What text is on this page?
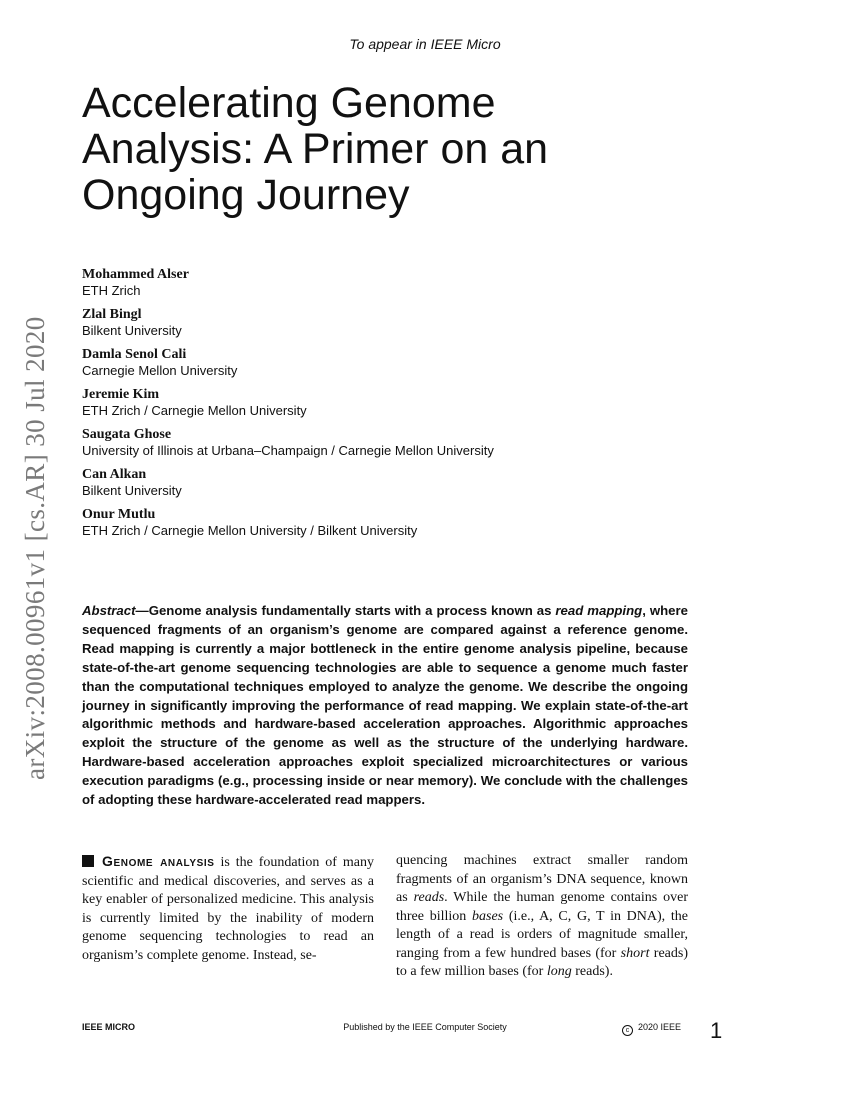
To appear in IEEE Micro
Accelerating Genome Analysis: A Primer on an Ongoing Journey
arXiv:2008.00961v1 [cs.AR] 30 Jul 2020
Mohammed Alser
ETH Zrich
Zlal Bingl
Bilkent University
Damla Senol Cali
Carnegie Mellon University
Jeremie Kim
ETH Zrich / Carnegie Mellon University
Saugata Ghose
University of Illinois at Urbana–Champaign / Carnegie Mellon University
Can Alkan
Bilkent University
Onur Mutlu
ETH Zrich / Carnegie Mellon University / Bilkent University
Abstract—Genome analysis fundamentally starts with a process known as read mapping, where sequenced fragments of an organism’s genome are compared against a reference genome. Read mapping is currently a major bottleneck in the entire genome analysis pipeline, because state-of-the-art genome sequencing technologies are able to sequence a genome much faster than the computational techniques employed to analyze the genome. We describe the ongoing journey in significantly improving the performance of read mapping. We explain state-of-the-art algorithmic methods and hardware-based acceleration approaches. Algorithmic approaches exploit the structure of the genome as well as the structure of the underlying hardware. Hardware-based acceleration approaches exploit specialized microarchitectures or various execution paradigms (e.g., processing inside or near memory). We conclude with the challenges of adopting these hardware-accelerated read mappers.
Genome analysis is the foundation of many scientific and medical discoveries, and serves as a key enabler of personalized medicine. This analysis is currently limited by the inability of modern genome sequencing technologies to read an organism’s complete genome. Instead, se-
quencing machines extract smaller random fragments of an organism’s DNA sequence, known as reads. While the human genome contains over three billion bases (i.e., A, C, G, T in DNA), the length of a read is orders of magnitude smaller, ranging from a few hundred bases (for short reads) to a few million bases (for long reads).
IEEE MICRO	Published by the IEEE Computer Society	c 2020 IEEE 1
